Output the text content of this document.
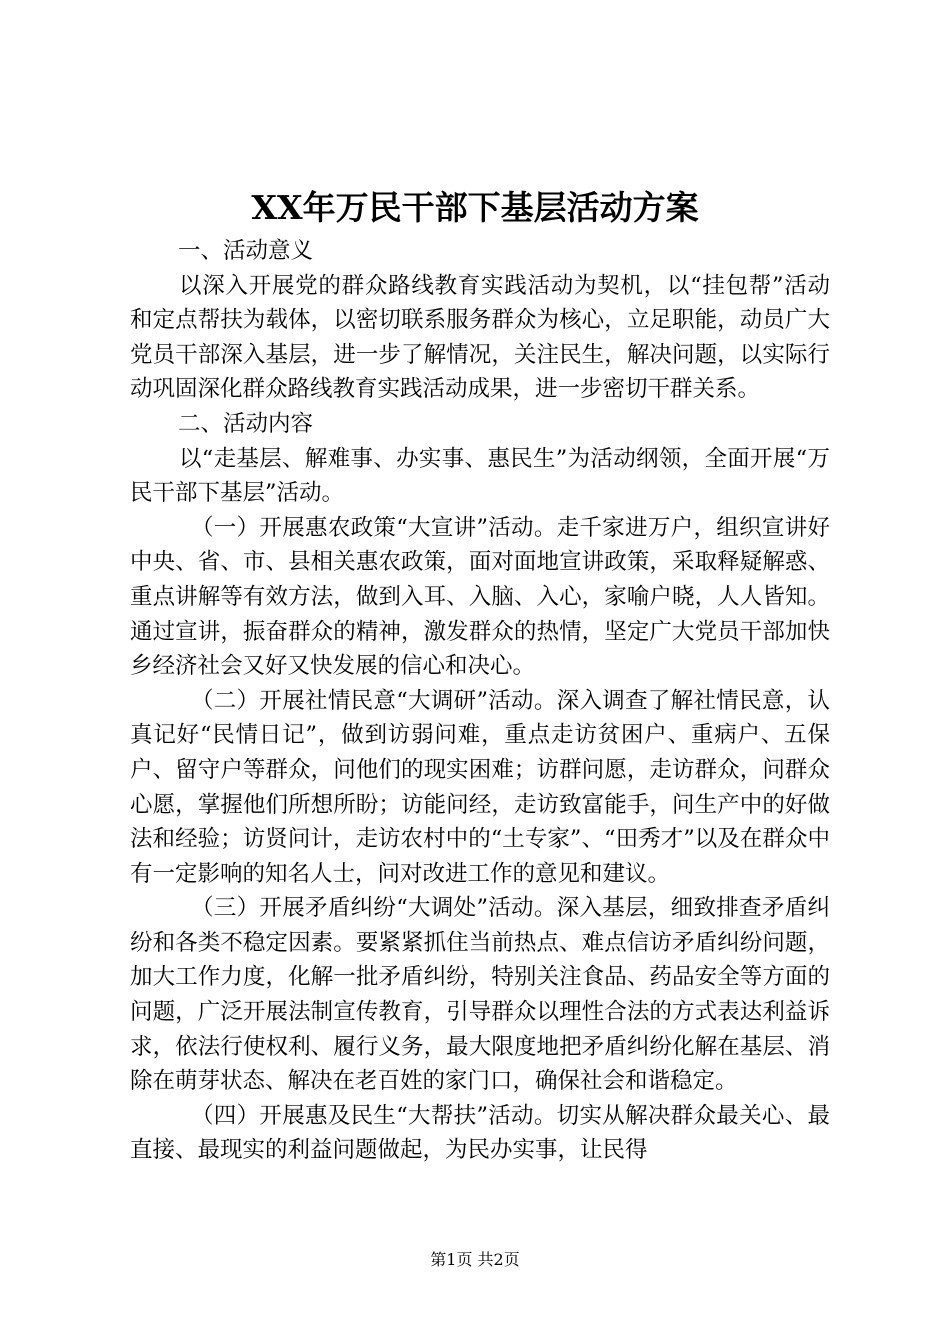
XX年万民干部下基层活动方案

一、活动意义

以深入开展党的群众路线教育实践活动为契机，以“挂包帮”活动和定点帮扶为载体，以密切联系服务群众为核心，立足职能，动员广大党员干部深入基层，进一步了解情况，关注民生，解决问题，以实际行动巩固深化群众路线教育实践活动成果，进一步密切干群关系。

二、活动内容

以“走基层、解难事、办实事、惠民生”为活动纲领，全面开展“万民干部下基层”活动。

（一）开展惠农政策“大宣讲”活动。走千家进万户，组织宣讲好中央、省、市、县相关惠农政策，面对面地宣讲政策，采取释疑解惑、重点讲解等有效方法，做到入耳、入脑、入心，家喻户晓，人人皆知。通过宣讲，振奋群众的精神，激发群众的热情，坚定广大党员干部加快乡经济社会又好又快发展的信心和决心。

（二）开展社情民意“大调研”活动。深入调查了解社情民意，认真记好“民情日记”，做到访弱问难，重点走访贫困户、重病户、五保户、留守户等群众，问他们的现实困难；访群问愿，走访群众，问群众心愿，掌握他们所想所盼；访能问经，走访致富能手，问生产中的好做法和经验；访贤问计，走访农村中的“土专家”、“田秀才”以及在群众中有一定影响的知名人士，问对改进工作的意见和建议。

（三）开展矛盾纠纷“大调处”活动。深入基层，细致排查矛盾纠纷和各类不稳定因素。要紧紧抓住当前热点、难点信访矛盾纠纷问题，加大工作力度，化解一批矛盾纠纷，特别关注食品、药品安全等方面的问题，广泛开展法制宣传教育，引导群众以理性合法的方式表达利益诉求，依法行使权利、履行义务，最大限度地把矛盾纠纷化解在基层、消除在萌芽状态、解决在老百姓的家门口，确保社会和谐稳定。

（四）开展惠及民生“大帮扶”活动。切实从解决群众最关心、最直接、最现实的利益问题做起，为民办实事，让民得

第1页 共2页
